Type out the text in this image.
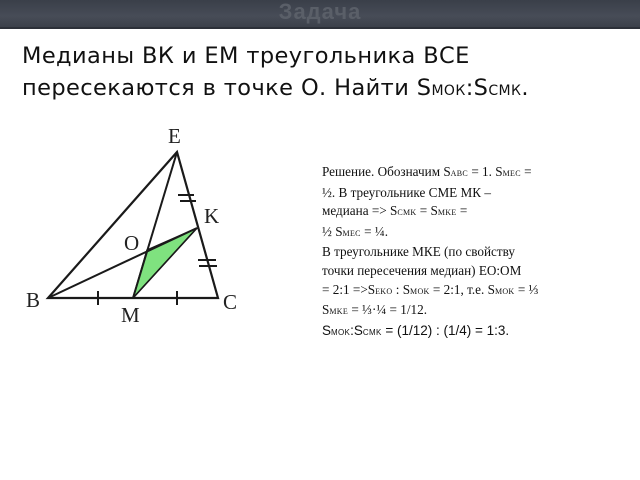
Задача
Медианы ВК и ЕМ треугольника ВСЕ
пересекаются в точке О. Найти SМОК:SСМК.
E
K
O
B	C
M
Решение. Обозначим SABC = 1. SMEC =
½. В треугольнике СМЕ МК –
медиана => SCMK = SMKE =
½ SMEC = ¼.
В треугольнике МКЕ (по свойству
точки пересечения медиан) ЕО:ОМ
= 2:1 =>SEKO : SMOK = 2:1, т.е. SMOK = ⅓
SMKE = ⅓·¼ = 1/12.
SMOK:SCMK = (1/12) : (1/4) = 1:3.
